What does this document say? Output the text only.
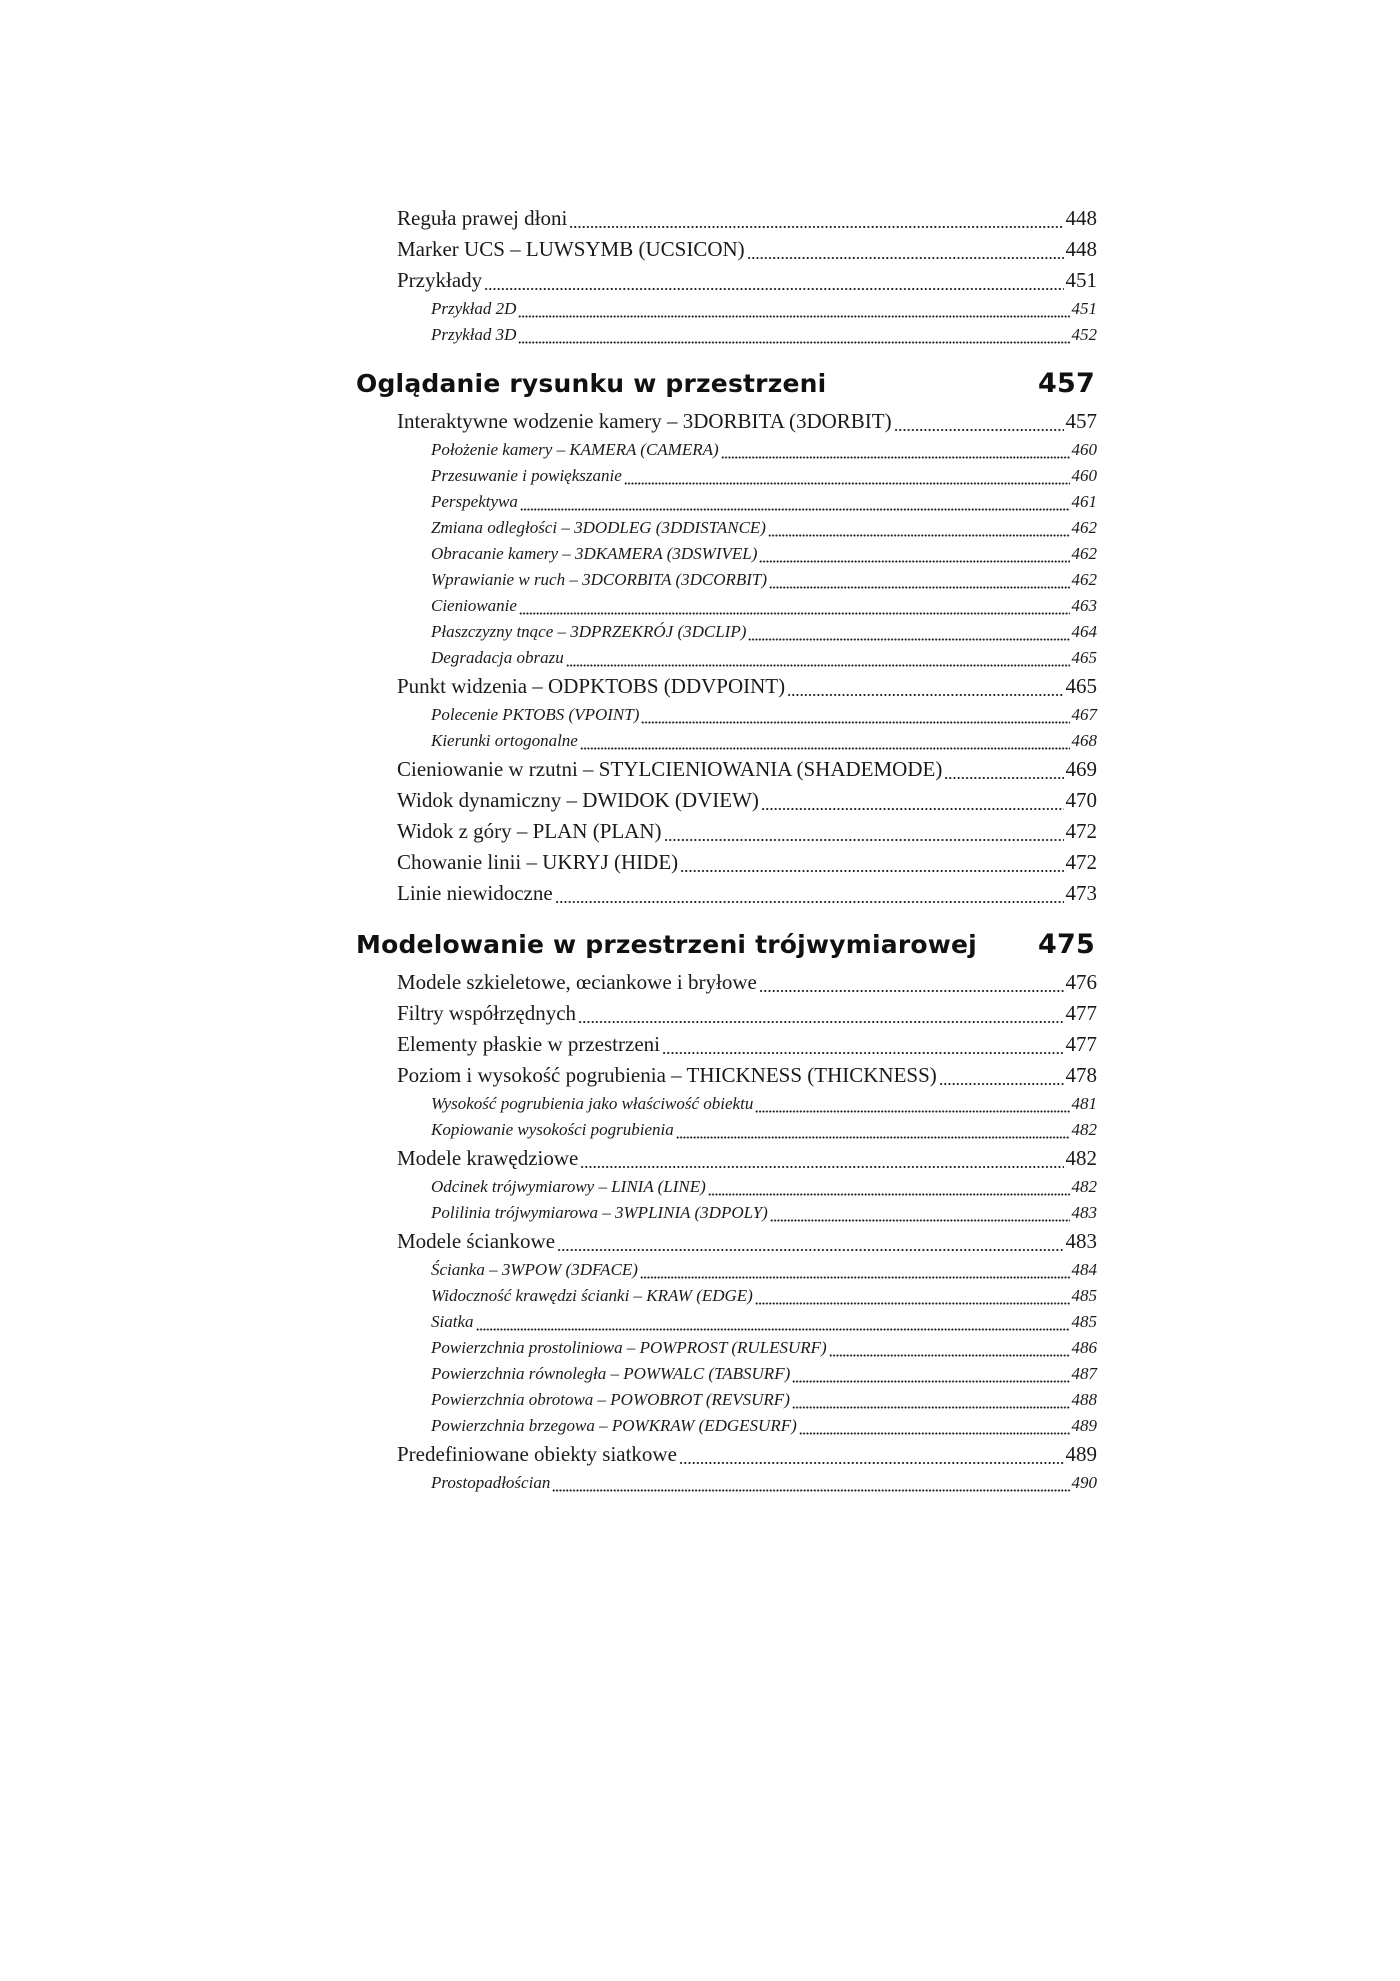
Reguła prawej dłoni	448
Marker UCS – LUWSYMB (UCSICON)	448
Przykłady	451
Przykład 2D	451
Przykład 3D	452
Oglądanie rysunku w przestrzeni	457
Interaktywne wodzenie kamery – 3DORBITA (3DORBIT)	457
Położenie kamery – KAMERA (CAMERA)	460
Przesuwanie i powiększanie	460
Perspektywa	461
Zmiana odległości – 3DODLEG (3DDISTANCE)	462
Obracanie kamery – 3DKAMERA (3DSWIVEL)	462
Wprawianie w ruch – 3DCORBITA (3DCORBIT)	462
Cieniowanie	463
Płaszczyzny tnące – 3DPRZEKRÓJ (3DCLIP)	464
Degradacja obrazu	465
Punkt widzenia – ODPKTOBS (DDVPOINT)	465
Polecenie PKTOBS (VPOINT)	467
Kierunki ortogonalne	468
Cieniowanie w rzutni – STYLCIENIOWANIA (SHADEMODE)	469
Widok dynamiczny – DWIDOK (DVIEW)	470
Widok z góry – PLAN (PLAN)	472
Chowanie linii – UKRYJ (HIDE)	472
Linie niewidoczne	473
Modelowanie w przestrzeni trójwymiarowej 475
Modele szkieletowe, œciankowe i bryłowe	476
Filtry współrzędnych	477
Elementy płaskie w przestrzeni	477
Poziom i wysokość pogrubienia – THICKNESS (THICKNESS)	478
Wysokość pogrubienia jako właściwość obiektu	481
Kopiowanie wysokości pogrubienia	482
Modele krawędziowe	482
Odcinek trójwymiarowy – LINIA (LINE)	482
Polilinia trójwymiarowa – 3WPLINIA (3DPOLY)	483
Modele ściankowe	483
Ścianka – 3WPOW (3DFACE)	484
Widoczność krawędzi ścianki – KRAW (EDGE)	485
Siatka	485
Powierzchnia prostoliniowa – POWPROST (RULESURF)	486
Powierzchnia równoległa – POWWALC (TABSURF)	487
Powierzchnia obrotowa – POWOBROT (REVSURF)	488
Powierzchnia brzegowa – POWKRAW (EDGESURF)	489
Predefiniowane obiekty siatkowe	489
Prostopadłościan	490
